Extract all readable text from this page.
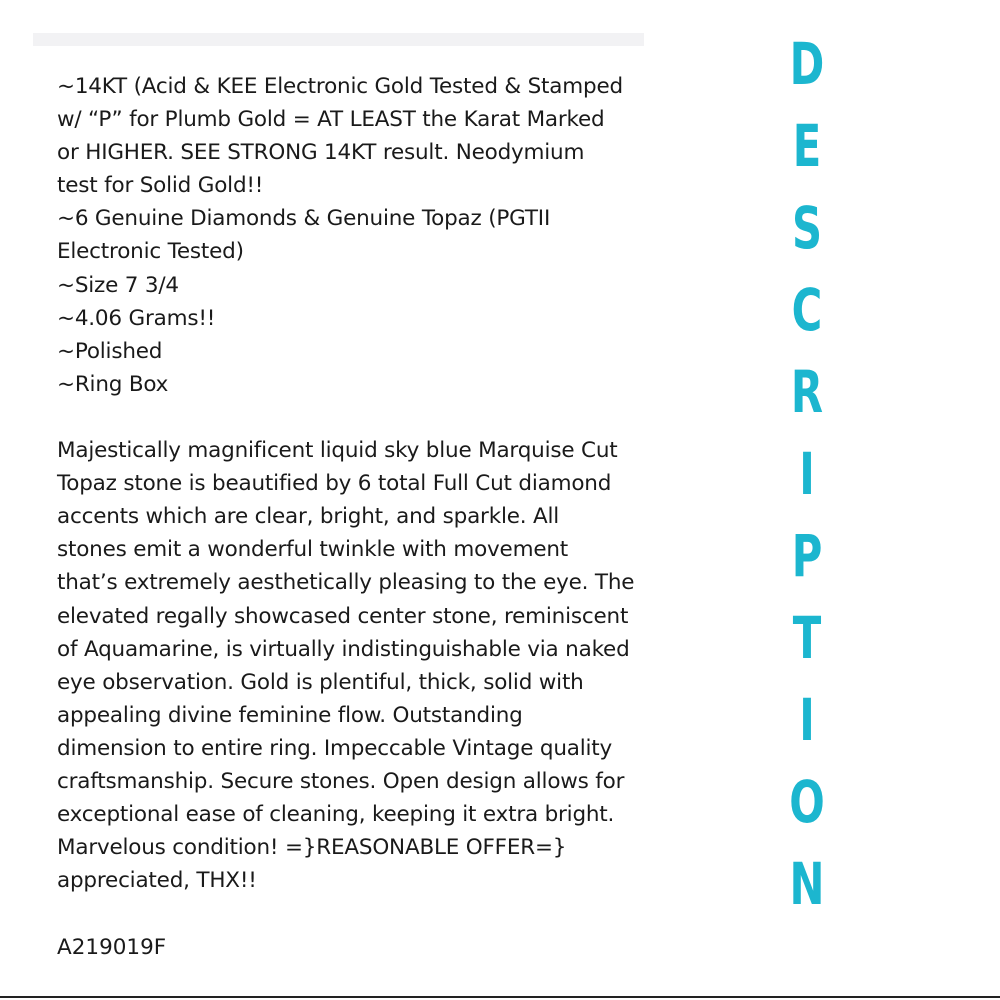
~14KT (Acid & KEE Electronic Gold Tested & Stamped
w/ “P” for Plumb Gold = AT LEAST the Karat Marked
or HIGHER. SEE STRONG 14KT result. Neodymium
test for Solid Gold!!
~6 Genuine Diamonds & Genuine Topaz (PGTII
Electronic Tested)
~Size 7 3/4
~4.06 Grams!!
~Polished
~Ring Box
Majestically magnificent liquid sky blue Marquise Cut
Topaz stone is beautified by 6 total Full Cut diamond
accents which are clear, bright, and sparkle. All
stones emit a wonderful twinkle with movement
that’s extremely aesthetically pleasing to the eye. The
elevated regally showcased center stone, reminiscent
of Aquamarine, is virtually indistinguishable via naked
eye observation. Gold is plentiful, thick, solid with
appealing divine feminine flow. Outstanding
dimension to entire ring. Impeccable Vintage quality
craftsmanship. Secure stones. Open design allows for
exceptional ease of cleaning, keeping it extra bright.
Marvelous condition! =}REASONABLE OFFER=}
appreciated, THX!!
A219019F
D
E
S
C
R
I
P
T
I
O
N
